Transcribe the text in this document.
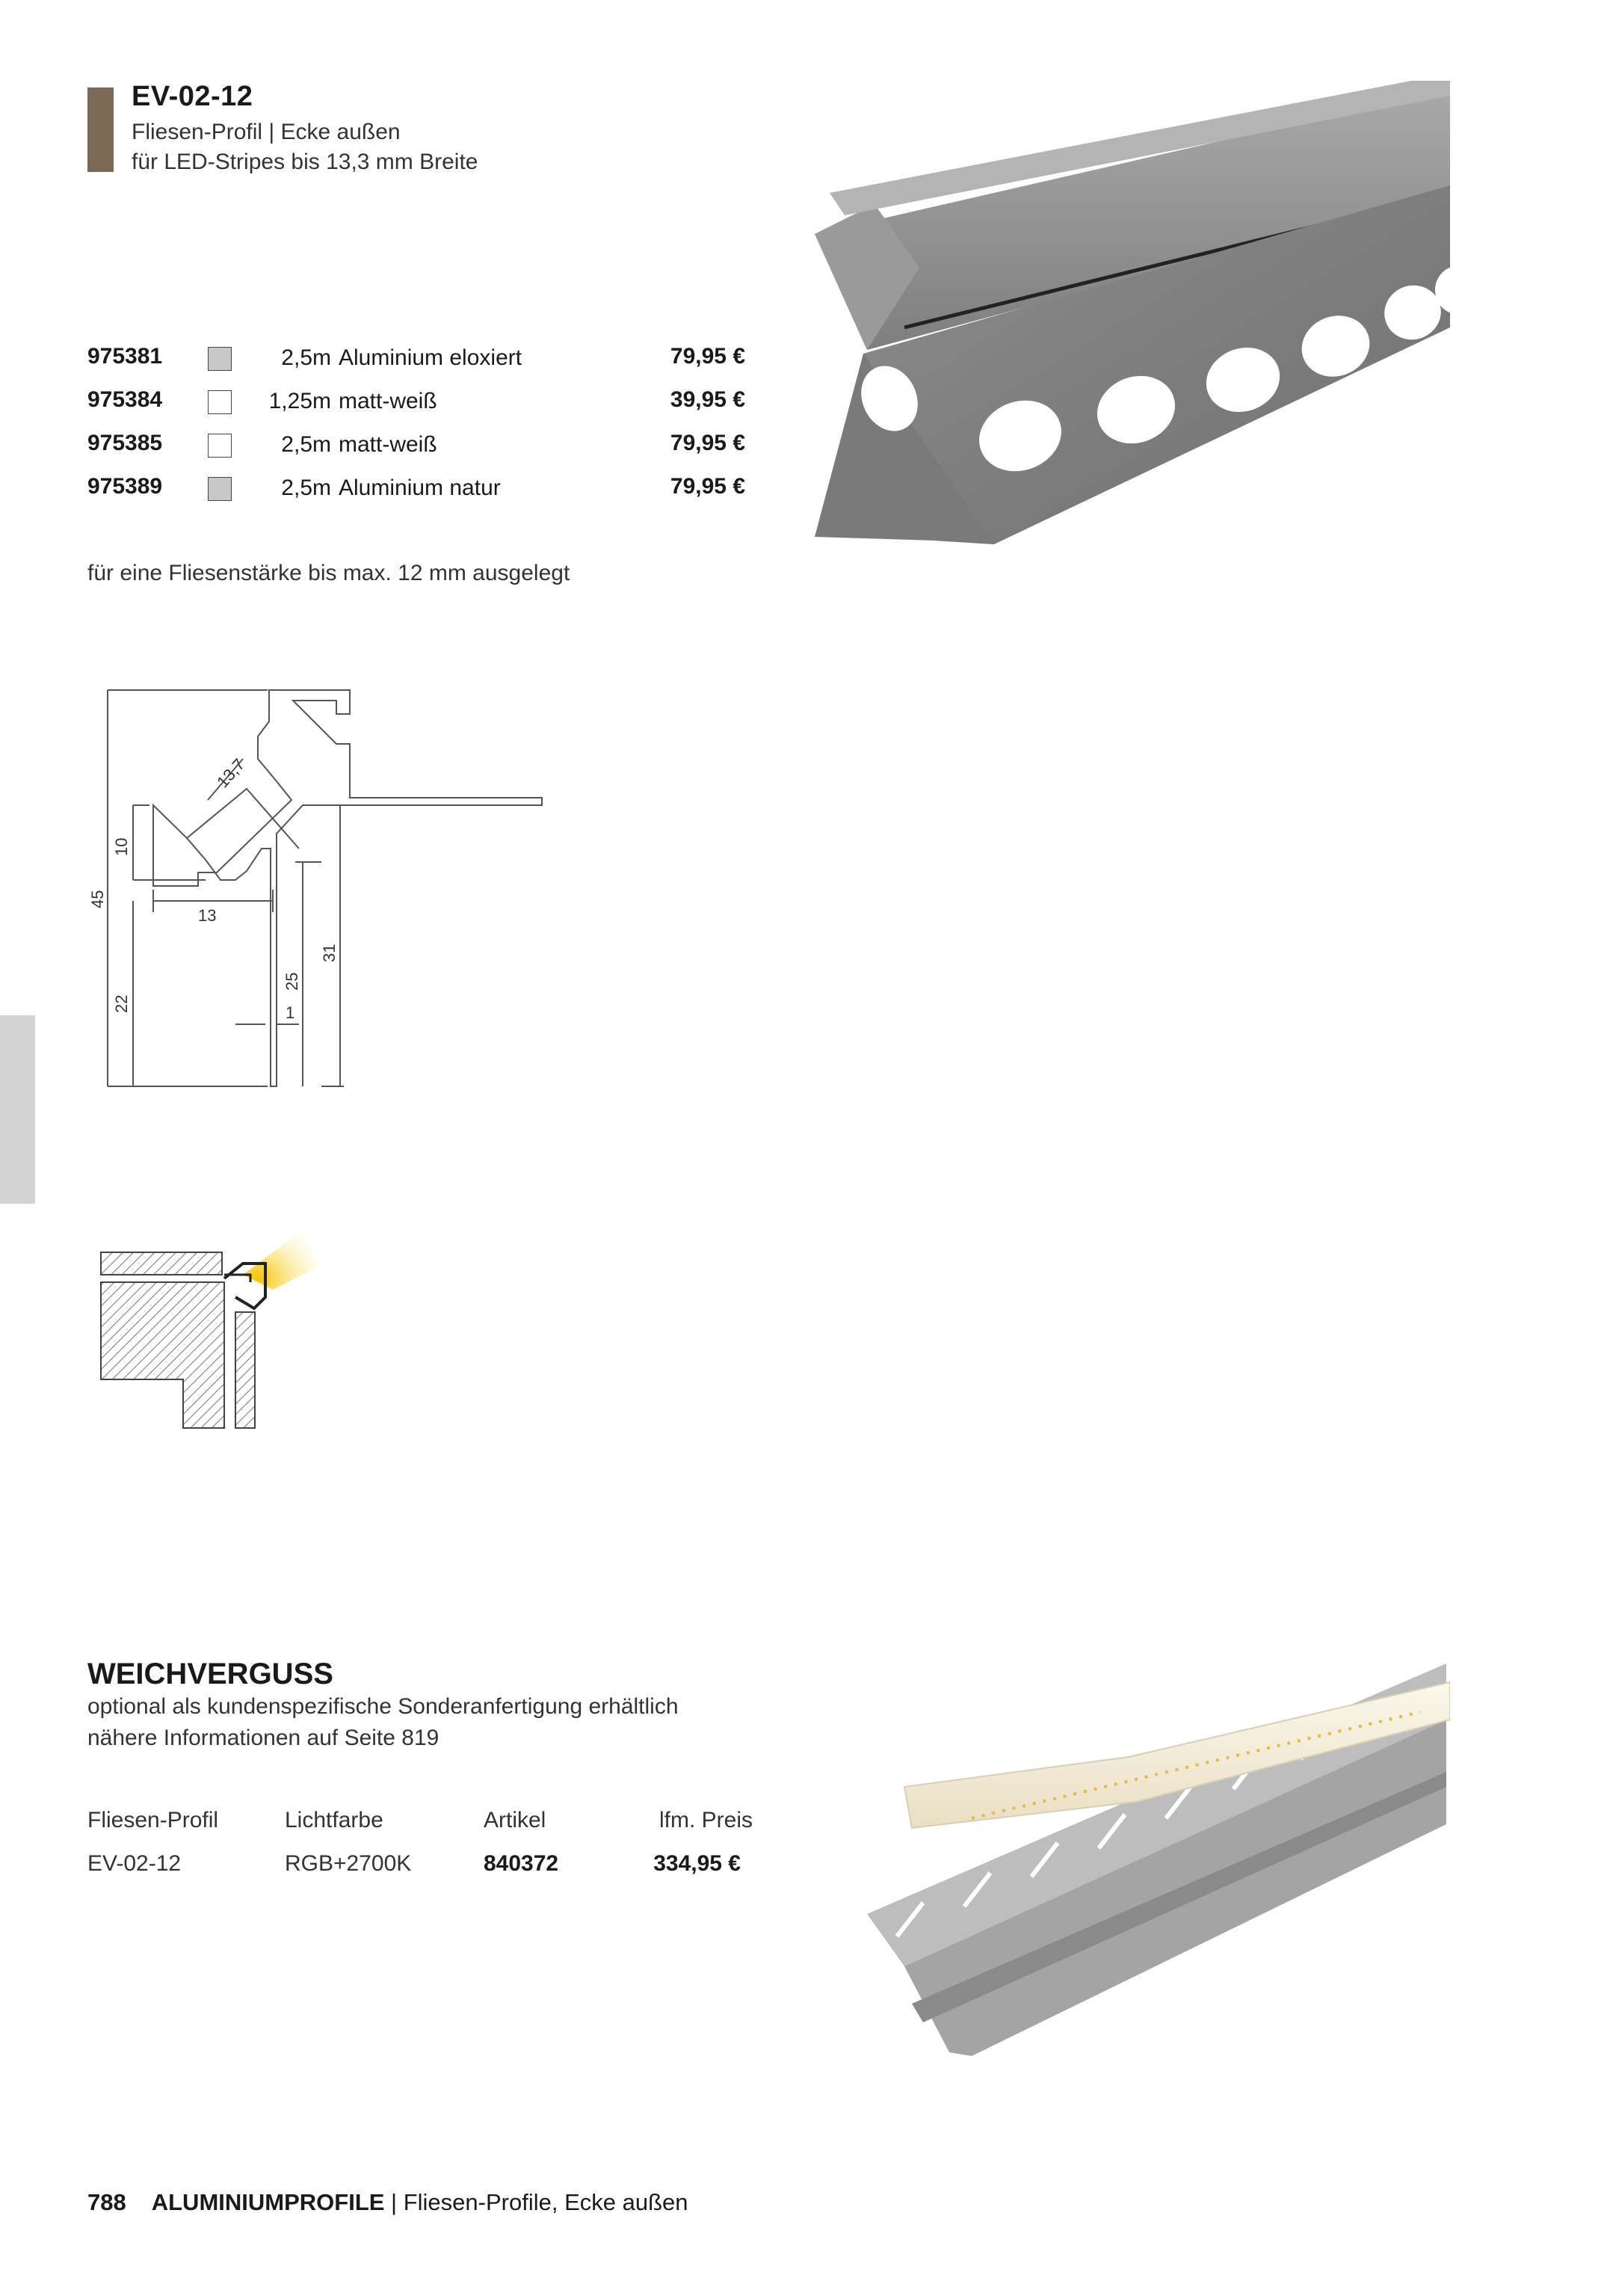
EV-02-12
Fliesen-Profil | Ecke außen
für LED-Stripes bis 13,3 mm Breite
975381	2,5m Aluminium eloxiert	79,95 €
975384	1,25m matt-weiß	39,95 €
975385	2,5m matt-weiß	79,95 €
975389	2,5m Aluminium natur	79,95 €
für eine Fliesenstärke bis max. 12 mm ausgelegt
13,7
10
45
13
22
25
31
1
WEICHVERGUSS
optional als kundenspezifische Sonderanfertigung erhältlich
nähere Informationen auf Seite 819
Fliesen-Profil	Lichtfarbe	Artikel	lfm. Preis
EV-02-12	RGB+2700K	840372	334,95 €
788 ALUMINIUMPROFILE | Fliesen-Profile, Ecke außen
